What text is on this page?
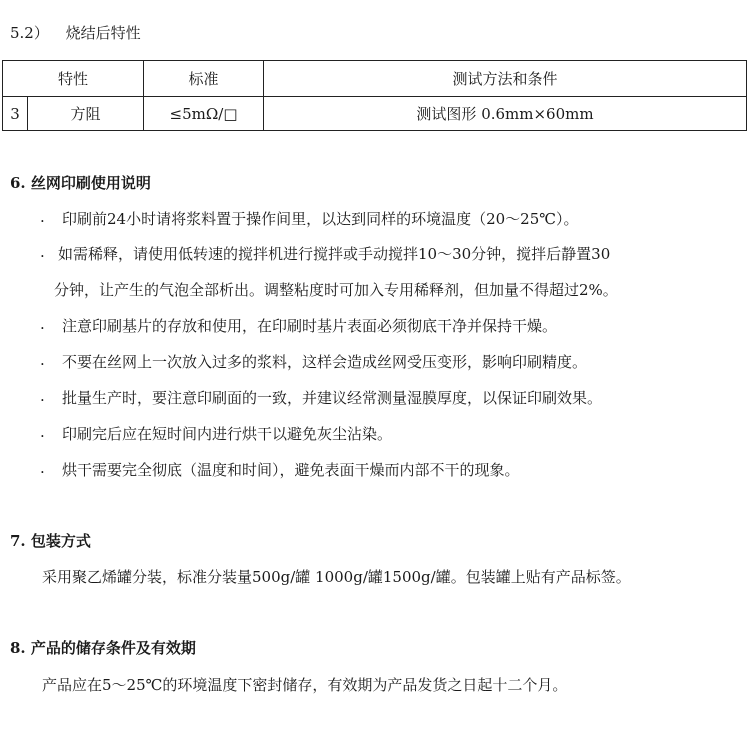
5.2） 烧结后特性
特性		标准	测试方法和条件
3	方阻	≤5mΩ/□	测试图形 0.6mm×60mm
6. 丝网印刷使用说明
. 印刷前24小时请将浆料置于操作间里，以达到同样的环境温度（20～25℃）。
. 如需稀释，请使用低转速的搅拌机进行搅拌或手动搅拌10～30分钟，搅拌后静置30
分钟，让产生的气泡全部析出。调整粘度时可加入专用稀释剂，但加量不得超过2%。
. 注意印刷基片的存放和使用，在印刷时基片表面必须彻底干净并保持干燥。
. 不要在丝网上一次放入过多的浆料，这样会造成丝网受压变形，影响印刷精度。
. 批量生产时，要注意印刷面的一致，并建议经常测量湿膜厚度，以保证印刷效果。
. 印刷完后应在短时间内进行烘干以避免灰尘沾染。
. 烘干需要完全彻底（温度和时间），避免表面干燥而内部不干的现象。
7. 包装方式
采用聚乙烯罐分装，标准分装量500g/罐 1000g/罐1500g/罐。包装罐上贴有产品标签。
8. 产品的储存条件及有效期
产品应在5～25℃的环境温度下密封储存，有效期为产品发货之日起十二个月。
